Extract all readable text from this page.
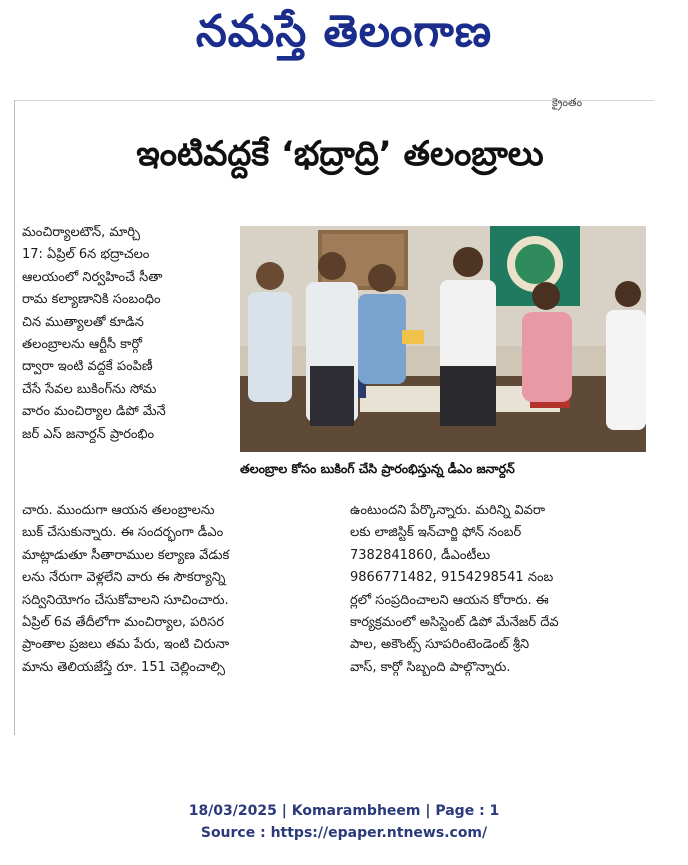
నమస్తే తెలంగాణ
క్రైంతం
ఇంటివద్దకే ‘భద్రాద్రి’ తలంబ్రాలు
మంచిర్యాలటౌన్, మార్చి
17: ఏప్రిల్ 6న భద్రాచలం
ఆలయంలో నిర్వహించే సీతా
రామ కల్యాణానికి సంబంధిం
చిన ముత్యాలతో కూడిన
తలంబ్రాలను ఆర్టీసీ కార్గో
ద్వారా ఇంటి వద్దకే పంపిణీ
చేసే సేవల బుకింగ్‌ను సోమ
వారం మంచిర్యాల డిపో మేనే
జర్ ఎస్ జనార్దన్ ప్రారంభిం
తలంబ్రాల కోసం బుకింగ్ చేసి ప్రారంభిస్తున్న డీఎం జనార్దన్
చారు. ముందుగా ఆయన తలంబ్రాలను
బుక్ చేసుకున్నారు. ఈ సందర్భంగా డీఎం
మాట్లాడుతూ సీతారాముల కల్యాణ వేడుక
లను నేరుగా వెళ్లలేని వారు ఈ సౌకర్యాన్ని
సద్వినియోగం చేసుకోవాలని సూచించారు.
ఏప్రిల్ 6వ తేదీలోగా మంచిర్యాల, పరిసర
ప్రాంతాల ప్రజలు తమ పేరు, ఇంటి చిరునా
మాను తెలియజేస్తే రూ. 151 చెల్లించాల్సి
ఉంటుందని పేర్కొన్నారు. మరిన్ని వివరా
లకు లాజిస్టిక్ ఇన్‌చార్జి ఫోన్ నంబర్
7382841860, డీఎంటీలు
9866771482, 9154298541 నంబ
ర్లలో సంప్రదించాలని ఆయన కోరారు. ఈ
కార్యక్రమంలో అసిస్టెంట్ డిపో మేనేజర్ దేవ
పాల, అకౌంట్స్ సూపరింటెండెంట్ శ్రీని
వాస్, కార్గో సిబ్బంది పాల్గొన్నారు.
18/03/2025 | Komarambheem | Page : 1
Source : https://epaper.ntnews.com/
